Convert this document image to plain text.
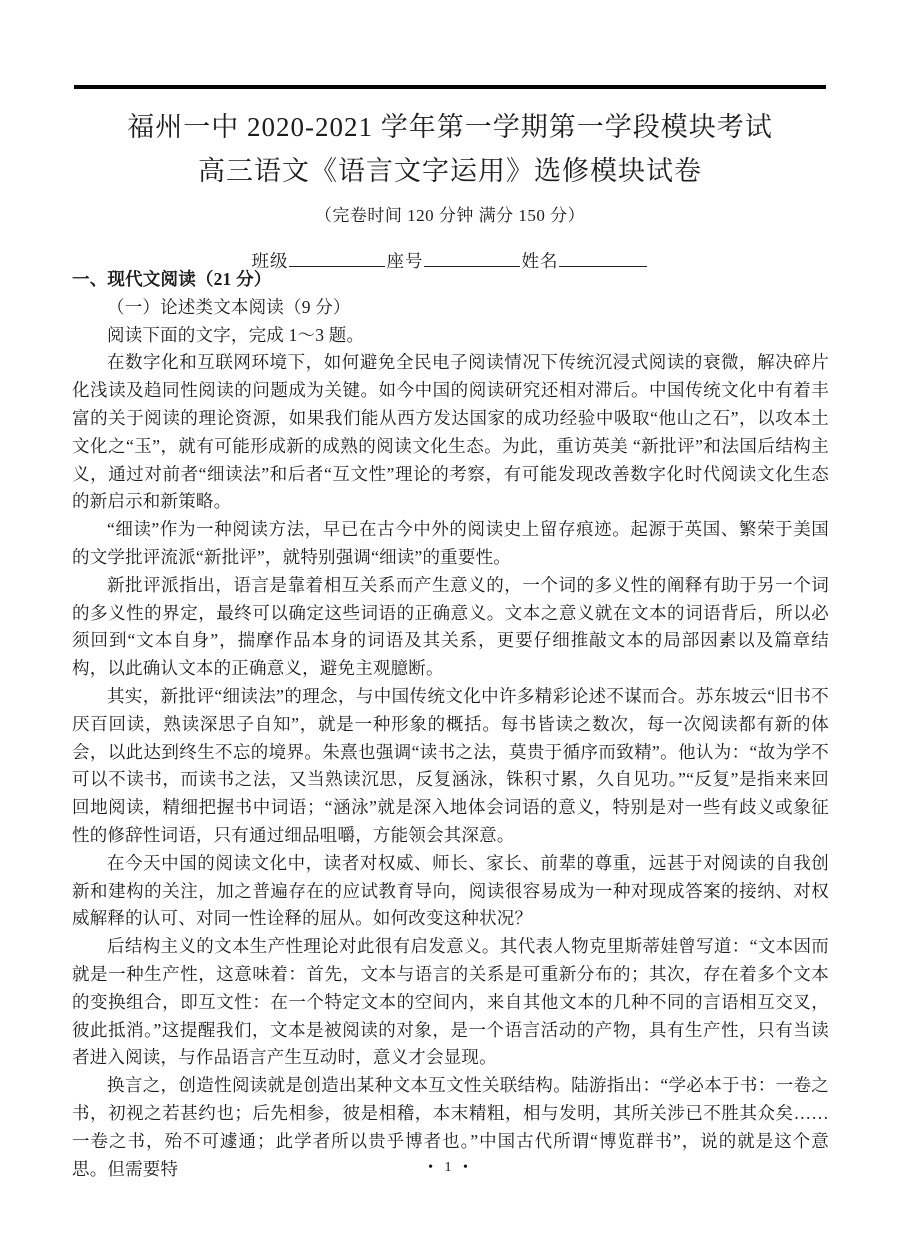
福州一中 2020-2021 学年第一学期第一学段模块考试
高三语文《语言文字运用》选修模块试卷
（完卷时间 120 分钟 满分 150 分）
班级	座号	姓名

一、现代文阅读（21 分）

（一）论述类文本阅读（9 分）

阅读下面的文字，完成 1～3 题。

在数字化和互联网环境下，如何避免全民电子阅读情况下传统沉浸式阅读的衰微，解决碎片化浅读及趋同性阅读的问题成为关键。如今中国的阅读研究还相对滞后。中国传统文化中有着丰富的关于阅读的理论资源，如果我们能从西方发达国家的成功经验中吸取“他山之石”，以攻本土文化之“玉”，就有可能形成新的成熟的阅读文化生态。为此，重访英美 “新批评”和法国后结构主义，通过对前者“细读法”和后者“互文性”理论的考察，有可能发现改善数字化时代阅读文化生态的新启示和新策略。

“细读”作为一种阅读方法，早已在古今中外的阅读史上留存痕迹。起源于英国、繁荣于美国的文学批评流派“新批评”，就特别强调“细读”的重要性。

新批评派指出，语言是靠着相互关系而产生意义的，一个词的多义性的阐释有助于另一个词的多义性的界定，最终可以确定这些词语的正确意义。文本之意义就在文本的词语背后，所以必须回到“文本自身”，揣摩作品本身的词语及其关系，更要仔细推敲文本的局部因素以及篇章结构，以此确认文本的正确意义，避免主观臆断。

其实，新批评“细读法”的理念，与中国传统文化中许多精彩论述不谋而合。苏东坡云“旧书不厌百回读，熟读深思子自知”，就是一种形象的概括。每书皆读之数次，每一次阅读都有新的体会，以此达到终生不忘的境界。朱熹也强调“读书之法，莫贵于循序而致精”。他认为：“故为学不可以不读书，而读书之法，又当熟读沉思，反复涵泳，铢积寸累，久自见功。”“反复”是指来来回回地阅读，精细把握书中词语；“涵泳”就是深入地体会词语的意义，特别是对一些有歧义或象征性的修辞性词语，只有通过细品咀嚼，方能领会其深意。

在今天中国的阅读文化中，读者对权威、师长、家长、前辈的尊重，远甚于对阅读的自我创新和建构的关注，加之普遍存在的应试教育导向，阅读很容易成为一种对现成答案的接纳、对权威解释的认可、对同一性诠释的屈从。如何改变这种状况？

后结构主义的文本生产性理论对此很有启发意义。其代表人物克里斯蒂娃曾写道：“文本因而就是一种生产性，这意味着：首先，文本与语言的关系是可重新分布的；其次，存在着多个文本的变换组合，即互文性：在一个特定文本的空间内，来自其他文本的几种不同的言语相互交叉，彼此抵消。”这提醒我们，文本是被阅读的对象，是一个语言活动的产物，具有生产性，只有当读者进入阅读，与作品语言产生互动时，意义才会显现。

换言之，创造性阅读就是创造出某种文本互文性关联结构。陆游指出：“学必本于书：一卷之书，初视之若甚约也；后先相参，彼是相稽，本末精粗，相与发明，其所关涉已不胜其众矣……一卷之书，殆不可遽通；此学者所以贵乎博者也。”中国古代所谓“博览群书”，说的就是这个意思。但需要特	• 1 •
